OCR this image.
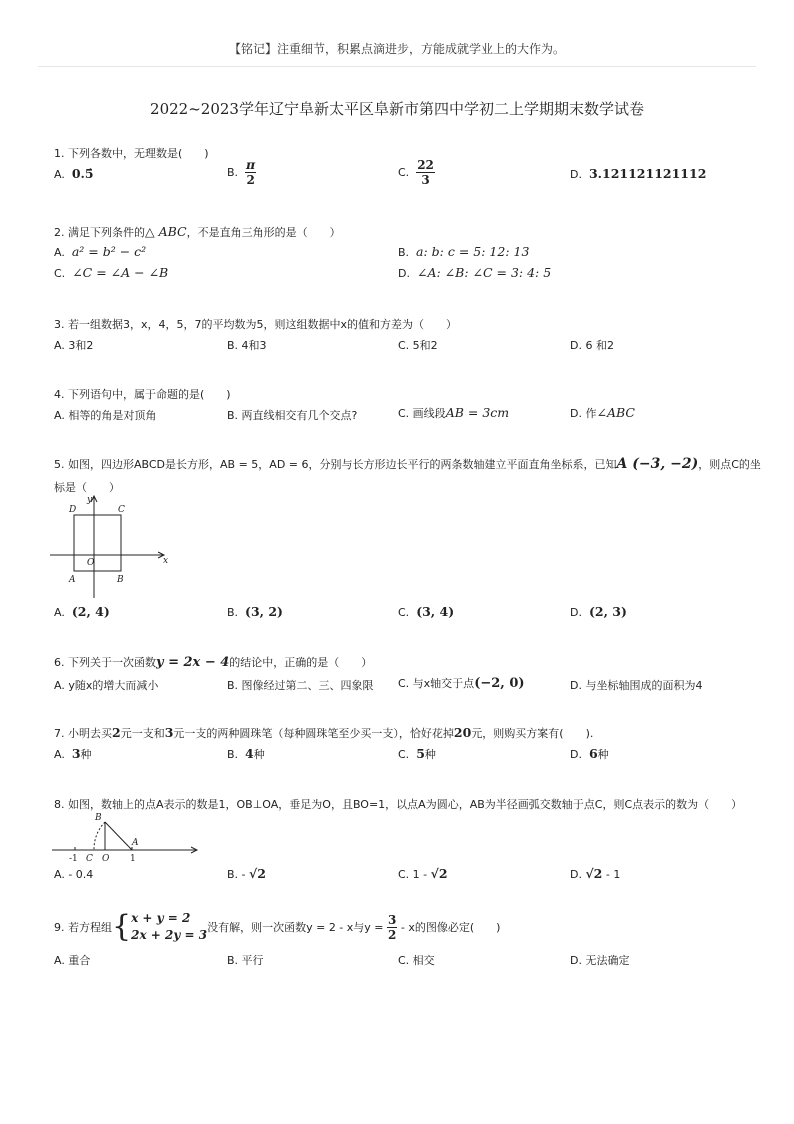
【铭记】注重细节，积累点滴进步，方能成就学业上的大作为。
2022~2023学年辽宁阜新太平区阜新市第四中学初二上学期期末数学试卷
1. 下列各数中，无理数是(　　)
A. 0.5̇	B. $\frac{\pi}{2}$	C. $\frac{22}{3}$	D. 3.121121121112
2. 满足下列条件的△ ABC，不是直角三角形的是（　　）
A. a² = b² − c²	B. a: b: c = 5: 12: 13
C. ∠C = ∠A − ∠B	D. ∠A: ∠B: ∠C = 3: 4: 5
3. 若一组数据3，x，4，5，7的平均数为5，则这组数据中x的值和方差为（　　）
A. 3和2	B. 4和3	C. 5和2	D. 6 和2
4. 下列语句中，属于命题的是(　　)
A. 相等的角是对顶角	B. 两直线相交有几个交点?	C. 画线段AB = 3cm	D. 作∠ABC
5. 如图，四边形ABCD是长方形，AB = 5，AD = 6，分别与长方形边长平行的两条数轴建立平面直角坐标系，已知A (−3, −2)，则点C的坐
标是（　　）
D	C
A	B
O	x
y
A. (2, 4)	B. (3, 2)	C. (3, 4)	D. (2, 3)
6. 下列关于一次函数y = 2x − 4的结论中，正确的是（　　）
A. y随x的增大而减小	B. 图像经过第二、三、四象限 C. 与x轴交于点(−2, 0)	D. 与坐标轴围成的面积为4
7. 小明去买2元一支和3元一支的两种圆珠笔（每种圆珠笔至少买一支），恰好花掉20元，则购买方案有(　　).
A. 3种	B. 4种	C. 5种	D. 6种
8. 如图，数轴上的点A表示的数是1，OB⊥OA，垂足为O，且BO=1，以点A为圆心，AB为半径画弧交数轴于点C，则C点表示的数为（　　）
B
A
-1 C O 1
A. - 0.4	B. - √2	C. 1 - √2	D. √2 - 1
9. 若方程组{ x + y = 2
2x + 2y = 3
没有解，则一次函数y = 2 - x与$y = \frac{3}{2} - x$的图像必定(　　)
A. 重合	B. 平行	C. 相交	D. 无法确定
